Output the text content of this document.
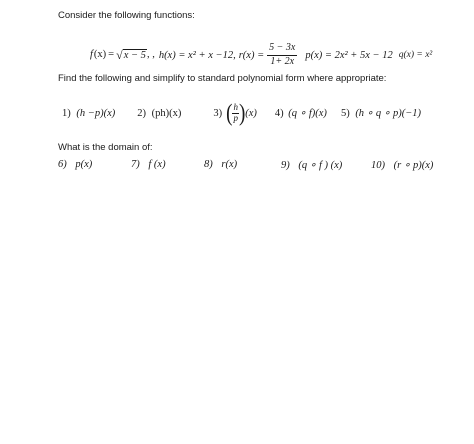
Consider the following functions:
f (x) = √ x − 5 , , h(x) = x² + x −12, $r(x) = \frac{5 - 3x}{1+ 2x} p(x) = 2x^2 + 5x - 12$ q(x) = x²
Find the following and simplify to standard polynomial form where appropriate:
1) (h −p)(x) 2) (ph)(x)	3) ( $\frac{h}{p}$ ) (x) 4) (q ∘ f)(x) 5) (h ∘ q ∘ p)(−1)
What is the domain of:
6) p(x)	7) f (x)	8) r(x)	9) (q ∘ f ) (x)	10) (r ∘ p)(x)
